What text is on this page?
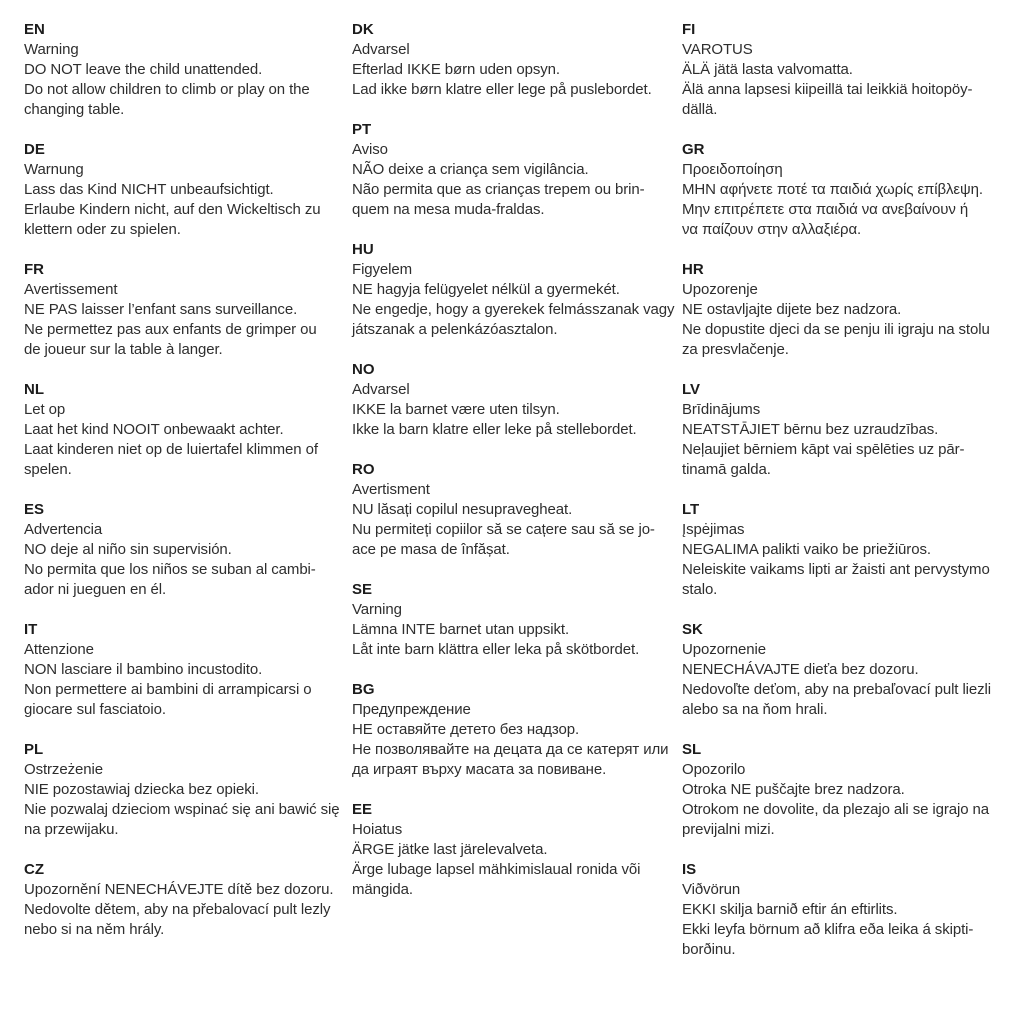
EN
Warning
DO NOT leave the child unattended.
Do not allow children to climb or play on the
changing table.
DE
Warnung
Lass das Kind NICHT unbeaufsichtigt.
Erlaube Kindern nicht, auf den Wickeltisch zu
klettern oder zu spielen.
FR
Avertissement
NE PAS laisser l’enfant sans surveillance.
Ne permettez pas aux enfants de grimper ou
de joueur sur la table à langer.
NL
Let op
Laat het kind NOOIT onbewaakt achter.
Laat kinderen niet op de luiertafel klimmen of
spelen.
ES
Advertencia
NO deje al niño sin supervisión.
No permita que los niños se suban al cambi-
ador ni jueguen en él.
IT
Attenzione
NON lasciare il bambino incustodito.
Non permettere ai bambini di arrampicarsi o
giocare sul fasciatoio.
PL
Ostrzeżenie
NIE pozostawiaj dziecka bez opieki.
Nie pozwalaj dzieciom wspinać się ani bawić się
na przewijaku.
CZ
Upozornění NENECHÁVEJTE dítě bez dozoru.
Nedovolte dětem, aby na přebalovací pult lezly
nebo si na něm hrály.
DK
Advarsel
Efterlad IKKE børn uden opsyn.
Lad ikke børn klatre eller lege på puslebordet.
PT
Aviso
NÃO deixe a criança sem vigilância.
Não permita que as crianças trepem ou brin-
quem na mesa muda-fraldas.
HU
Figyelem
NE hagyja felügyelet nélkül a gyermekét.
Ne engedje, hogy a gyerekek felmásszanak vagy
játszanak a pelenkázóasztalon.
NO
Advarsel
IKKE la barnet være uten tilsyn.
Ikke la barn klatre eller leke på stellebordet.
RO
Avertisment
NU lăsați copilul nesupravegheat.
Nu permiteți copiilor să se cațere sau să se jo-
ace pe masa de înfășat.
SE
Varning
Lämna INTE barnet utan uppsikt.
Låt inte barn klättra eller leka på skötbordet.
BG
Предупреждение
НЕ оставяйте детето без надзор.
Не позволявайте на децата да се катерят или
да играят върху масата за повиване.
EE
Hoiatus
ÄRGE jätke last järelevalveta.
Ärge lubage lapsel mähkimislaual ronida või
mängida.
FI
VAROTUS
ÄLÄ jätä lasta valvomatta.
Älä anna lapsesi kiipeillä tai leikkiä hoitopöy-
dällä.
GR
Προειδοποίηση
ΜΗΝ αφήνετε ποτέ τα παιδιά χωρίς επίβλεψη.
Μην επιτρέπετε στα παιδιά να ανεβαίνουν ή
να παίζουν στην αλλαξιέρα.
HR
Upozorenje
NE ostavljajte dijete bez nadzora.
Ne dopustite djeci da se penju ili igraju na stolu
za presvlačenje.
LV
Brīdinājums
NEATSTĀJIET bērnu bez uzraudzības.
Neļaujiet bērniem kāpt vai spēlēties uz pār-
tinamā galda.
LT
Įspėjimas
NEGALIMA palikti vaiko be priežiūros.
Neleiskite vaikams lipti ar žaisti ant pervystymo
stalo.
SK
Upozornenie
NENECHÁVAJTE dieťa bez dozoru.
Nedovoľte deťom, aby na prebaľovací pult liezli
alebo sa na ňom hrali.
SL
Opozorilo
Otroka NE puščajte brez nadzora.
Otrokom ne dovolite, da plezajo ali se igrajo na
previjalni mizi.
IS
Viðvörun
EKKI skilja barnið eftir án eftirlits.
Ekki leyfa börnum að klifra eða leika á skipti-
borðinu.
